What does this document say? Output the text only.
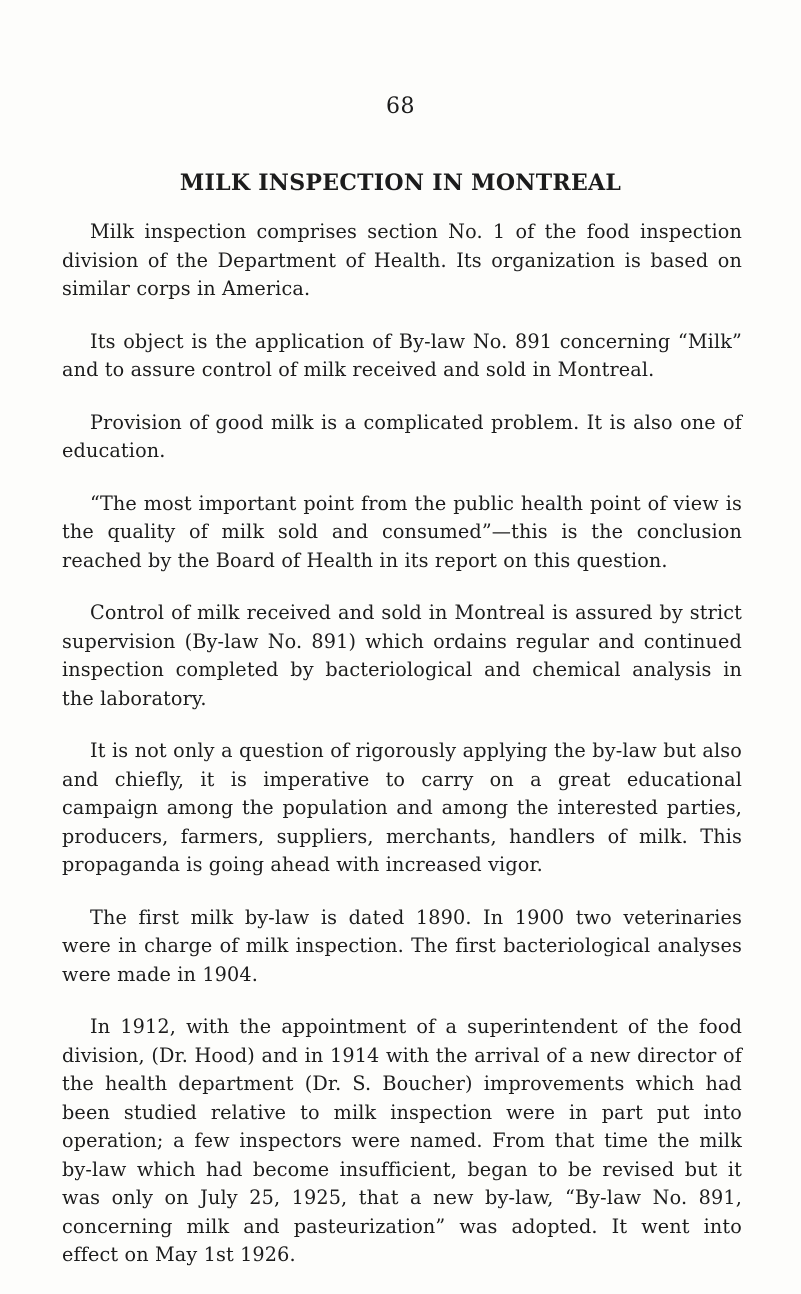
68
MILK INSPECTION IN MONTREAL

Milk inspection comprises section No. 1 of the food inspection division of the Department of Health. Its organization is based on similar corps in America.

Its object is the application of By-law No. 891 concerning “Milk” and to assure control of milk received and sold in Montreal.

Provision of good milk is a complicated problem. It is also one of education.

“The most important point from the public health point of view is the quality of milk sold and consumed”—this is the conclusion reached by the Board of Health in its report on this question.

Control of milk received and sold in Montreal is assured by strict supervision (By-law No. 891) which ordains regular and continued inspection completed by bacteriological and chemical analysis in the laboratory.

It is not only a question of rigorously applying the by-law but also and chiefly, it is imperative to carry on a great educational campaign among the population and among the interested parties, producers, farmers, suppliers, merchants, handlers of milk. This propaganda is going ahead with increased vigor.

The first milk by-law is dated 1890. In 1900 two veterinaries were in charge of milk inspection. The first bacteriological analyses were made in 1904.

In 1912, with the appointment of a superintendent of the food division, (Dr. Hood) and in 1914 with the arrival of a new director of the health department (Dr. S. Boucher) improvements which had been studied relative to milk inspection were in part put into operation; a few inspectors were named. From that time the milk by-law which had become insufficient, began to be revised but it was only on July 25, 1925, that a new by-law, “By-law No. 891, concerning milk and pasteurization” was adopted. It went into effect on May 1st 1926.
